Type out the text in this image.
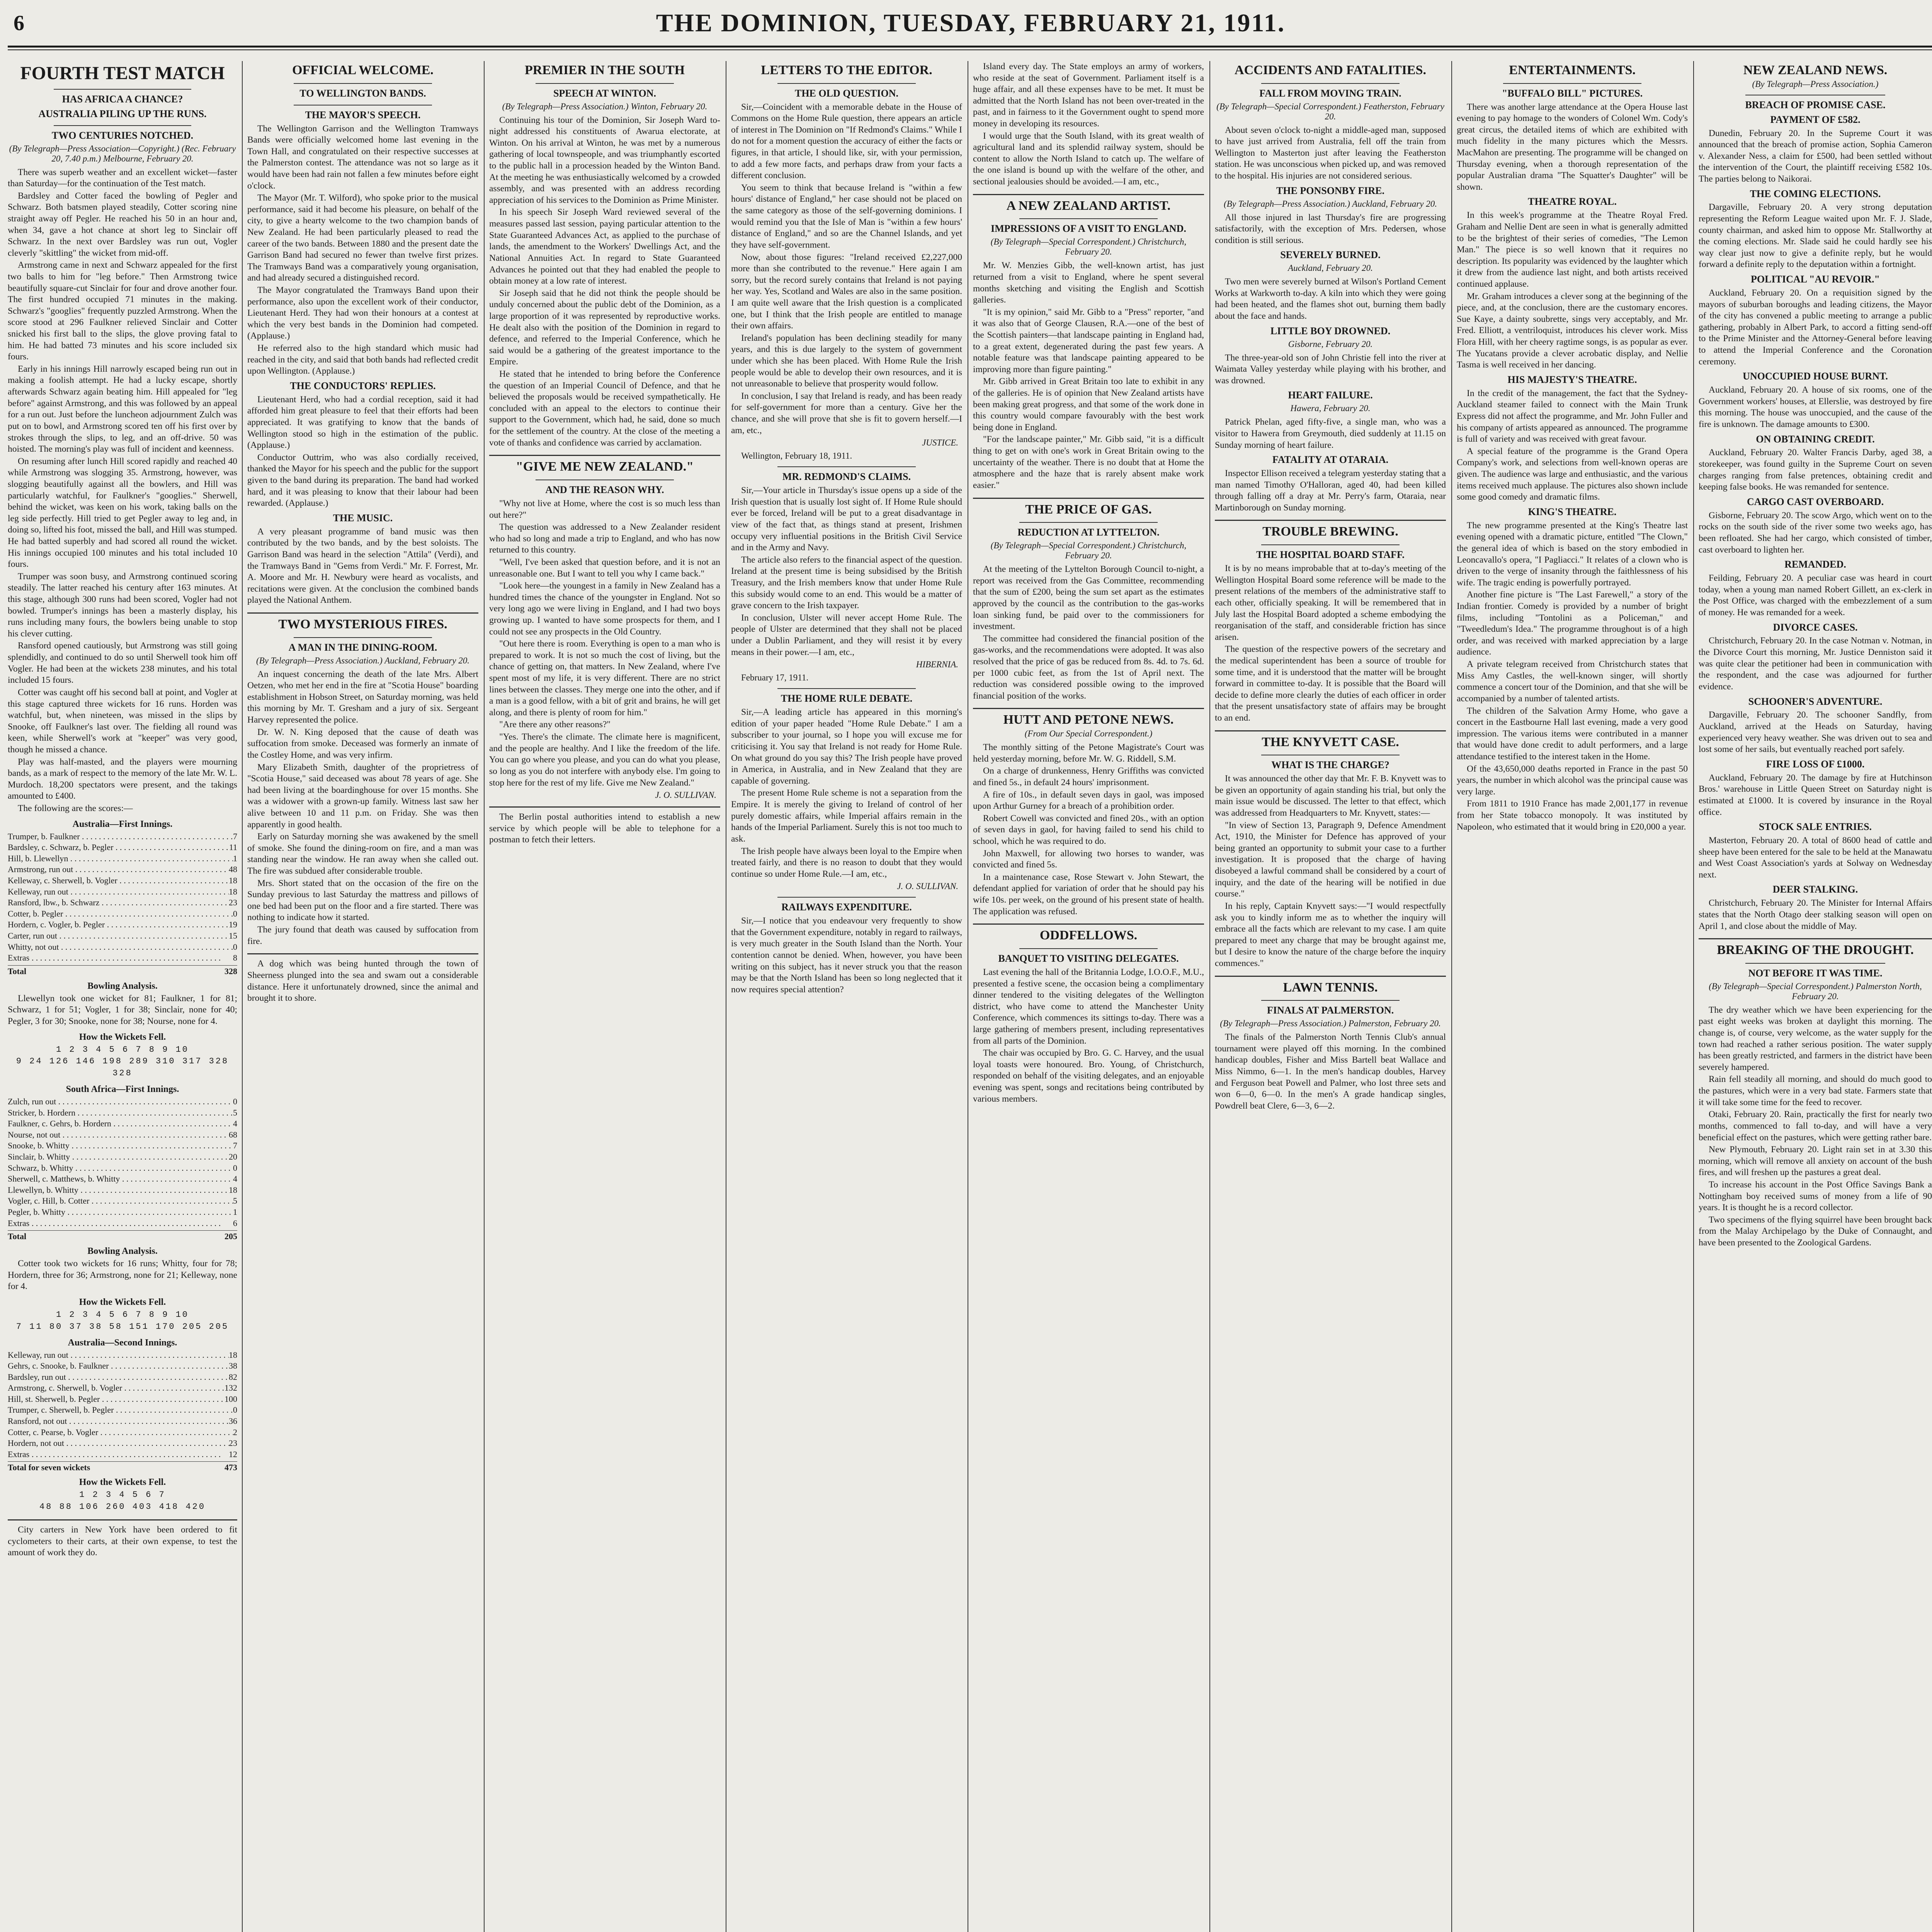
6	THE DOMINION, TUESDAY, FEBRUARY 21, 1911.
FOURTH TEST MATCH
HAS AFRICA A CHANCE?
AUSTRALIA PILING UP THE RUNS.
TWO CENTURIES NOTCHED.
(By Telegraph—Press Association—Copyright.) (Rec. February 20, 7.40 p.m.) Melbourne, February 20.

There was superb weather and an excellent wicket—faster than Saturday—for the continuation of the Test match.

Bardsley and Cotter faced the bowling of Pegler and Schwarz. Both batsmen played steadily, Cotter scoring nine straight away off Pegler. He reached his 50 in an hour and, when 34, gave a hot chance at short leg to Sinclair off Schwarz. In the next over Bardsley was run out, Vogler cleverly "skittling" the wicket from mid-off.

Armstrong came in next and Schwarz appealed for the first two balls to him for "leg before." Then Armstrong twice beautifully square-cut Sinclair for four and drove another four. The first hundred occupied 71 minutes in the making. Schwarz's "googlies" frequently puzzled Armstrong. When the score stood at 296 Faulkner relieved Sinclair and Cotter snicked his first ball to the slips, the glove proving fatal to him. He had batted 73 minutes and his score included six fours.

Early in his innings Hill narrowly escaped being run out in making a foolish attempt. He had a lucky escape, shortly afterwards Schwarz again beating him. Hill appealed for "leg before" against Armstrong, and this was followed by an appeal for a run out. Just before the luncheon adjournment Zulch was put on to bowl, and Armstrong scored ten off his first over by strokes through the slips, to leg, and an off-drive. 50 was hoisted. The morning's play was full of incident and keenness.

On resuming after lunch Hill scored rapidly and reached 40 while Armstrong was slogging 35. Armstrong, however, was slogging beautifully against all the bowlers, and Hill was particularly watchful, for Faulkner's "googlies." Sherwell, behind the wicket, was keen on his work, taking balls on the leg side perfectly. Hill tried to get Pegler away to leg and, in doing so, lifted his foot, missed the ball, and Hill was stumped. He had batted superbly and had scored all round the wicket. His innings occupied 100 minutes and his total included 10 fours.

Trumper was soon busy, and Armstrong continued scoring steadily. The latter reached his century after 163 minutes. At this stage, although 300 runs had been scored, Vogler had not bowled. Trumper's innings has been a masterly display, his runs including many fours, the bowlers being unable to stop his clever cutting.

Ransford opened cautiously, but Armstrong was still going splendidly, and continued to do so until Sherwell took him off Vogler. He had been at the wickets 238 minutes, and his total included 15 fours.

Cotter was caught off his second ball at point, and Vogler at this stage captured three wickets for 16 runs. Horden was watchful, but, when nineteen, was missed in the slips by Snooke, off Faulkner's last over. The fielding all round was keen, while Sherwell's work at "keeper" was very good, though he missed a chance.

Play was half-masted, and the players were mourning bands, as a mark of respect to the memory of the late Mr. W. L. Murdoch. 18,200 spectators were present, and the takings amounted to £400.

The following are the scores:—

Australia—First Innings.
Trumper, b. Faulkner . . .	7
Bardsley, c. Schwarz, b. Pegler . . .	11
Hill, b. Llewellyn . . .	1
Armstrong, run out . . .	48
Kelleway, c. Sherwell, b. Vogler . . .	18
Kelleway, run out . . .	18
Ransford, lbw., b. Schwarz . . .	23
Cotter, b. Pegler . . .	0
Hordern, c. Vogler, b. Pegler . . .	19
Carter, run out . . .	15
Whitty, not out . . .	0
Extras . . .	8
Total	328
Bowling Analysis.

Llewellyn took one wicket for 81; Faulkner, 1 for 81; Schwarz, 1 for 51; Vogler, 1 for 38; Sinclair, none for 40; Pegler, 3 for 30; Snooke, none for 38; Nourse, none for 4.

How the Wickets Fell.
1 2 3 4 5 6 7 8 9 10
9 24 126 146 198 289 310 317 328 328
South Africa—First Innings.
Zulch, run out . . .	0
Stricker, b. Hordern . . .	5
Faulkner, c. Gehrs, b. Hordern . . .	4
Nourse, not out . . .	68
Snooke, b. Whitty . . .	7
Sinclair, b. Whitty . . .	20
Schwarz, b. Whitty . . .	0
Sherwell, c. Matthews, b. Whitty . . .	4
Llewellyn, b. Whitty . . .	18
Vogler, c. Hill, b. Cotter . . .	5
Pegler, b. Whitty . . .	1
Extras . . .	6
Total	205
Bowling Analysis.

Cotter took two wickets for 16 runs; Whitty, four for 78; Hordern, three for 36; Armstrong, none for 21; Kelleway, none for 4.

How the Wickets Fell.
1 2 3 4 5 6 7 8 9 10
7 11 80 37 38 58 151 170 205 205
Australia—Second Innings.
Kelleway, run out . . .	18
Gehrs, c. Snooke, b. Faulkner . . .	38
Bardsley, run out . . .	82
Armstrong, c. Sherwell, b. Vogler . . .	132
Hill, st. Sherwell, b. Pegler . . .	100
Trumper, c. Sherwell, b. Pegler . . .	0
Ransford, not out . . .	36
Cotter, c. Pearse, b. Vogler . . .	2
Hordern, not out . . .	23
Extras . . .	12
Total for seven wickets	473
How the Wickets Fell.
1 2 3 4 5 6 7
48 88 106 260 403 418 420

City carters in New York have been ordered to fit cyclometers to their carts, at their own expense, to test the amount of work they do.

OFFICIAL WELCOME.
TO WELLINGTON BANDS.
THE MAYOR'S SPEECH.

The Wellington Garrison and the Wellington Tramways Bands were officially welcomed home last evening in the Town Hall, and congratulated on their respective successes at the Palmerston contest. The attendance was not so large as it would have been had rain not fallen a few minutes before eight o'clock.

The Mayor (Mr. T. Wilford), who spoke prior to the musical performance, said it had become his pleasure, on behalf of the city, to give a hearty welcome to the two champion bands of New Zealand. He had been particularly pleased to read the career of the two bands. Between 1880 and the present date the Garrison Band had secured no fewer than twelve first prizes. The Tramways Band was a comparatively young organisation, and had already secured a distinguished record.

The Mayor congratulated the Tramways Band upon their performance, also upon the excellent work of their conductor, Lieutenant Herd. They had won their honours at a contest at which the very best bands in the Dominion had competed. (Applause.)

He referred also to the high standard which music had reached in the city, and said that both bands had reflected credit upon Wellington. (Applause.)

THE CONDUCTORS' REPLIES.

Lieutenant Herd, who had a cordial reception, said it had afforded him great pleasure to feel that their efforts had been appreciated. It was gratifying to know that the bands of Wellington stood so high in the estimation of the public. (Applause.)

Conductor Outtrim, who was also cordially received, thanked the Mayor for his speech and the public for the support given to the band during its preparation. The band had worked hard, and it was pleasing to know that their labour had been rewarded. (Applause.)

THE MUSIC.

A very pleasant programme of band music was then contributed by the two bands, and by the best soloists. The Garrison Band was heard in the selection "Attila" (Verdi), and the Tramways Band in "Gems from Verdi." Mr. F. Forrest, Mr. A. Moore and Mr. H. Newbury were heard as vocalists, and recitations were given. At the conclusion the combined bands played the National Anthem.

TWO MYSTERIOUS FIRES.
A MAN IN THE DINING-ROOM.
(By Telegraph—Press Association.) Auckland, February 20.

An inquest concerning the death of the late Mrs. Albert Oetzen, who met her end in the fire at "Scotia House" boarding establishment in Hobson Street, on Saturday morning, was held this morning by Mr. T. Gresham and a jury of six. Sergeant Harvey represented the police.

Dr. W. N. King deposed that the cause of death was suffocation from smoke. Deceased was formerly an inmate of the Costley Home, and was very infirm.

Mary Elizabeth Smith, daughter of the proprietress of "Scotia House," said deceased was about 78 years of age. She had been living at the boardinghouse for over 15 months. She was a widower with a grown-up family. Witness last saw her alive between 10 and 11 p.m. on Friday. She was then apparently in good health.

Early on Saturday morning she was awakened by the smell of smoke. She found the dining-room on fire, and a man was standing near the window. He ran away when she called out. The fire was subdued after considerable trouble.

Mrs. Short stated that on the occasion of the fire on the Sunday previous to last Saturday the mattress and pillows of one bed had been put on the floor and a fire started. There was nothing to indicate how it started.

The jury found that death was caused by suffocation from fire.

A dog which was being hunted through the town of Sheerness plunged into the sea and swam out a considerable distance. Here it unfortunately drowned, since the animal and brought it to shore.

PREMIER IN THE SOUTH
SPEECH AT WINTON.
(By Telegraph—Press Association.) Winton, February 20.

Continuing his tour of the Dominion, Sir Joseph Ward to-night addressed his constituents of Awarua electorate, at Winton. On his arrival at Winton, he was met by a numerous gathering of local townspeople, and was triumphantly escorted to the public hall in a procession headed by the Winton Band. At the meeting he was enthusiastically welcomed by a crowded assembly, and was presented with an address recording appreciation of his services to the Dominion as Prime Minister.

In his speech Sir Joseph Ward reviewed several of the measures passed last session, paying particular attention to the State Guaranteed Advances Act, as applied to the purchase of lands, the amendment to the Workers' Dwellings Act, and the National Annuities Act. In regard to State Guaranteed Advances he pointed out that they had enabled the people to obtain money at a low rate of interest.

Sir Joseph said that he did not think the people should be unduly concerned about the public debt of the Dominion, as a large proportion of it was represented by reproductive works. He dealt also with the position of the Dominion in regard to defence, and referred to the Imperial Conference, which he said would be a gathering of the greatest importance to the Empire.

He stated that he intended to bring before the Conference the question of an Imperial Council of Defence, and that he believed the proposals would be received sympathetically. He concluded with an appeal to the electors to continue their support to the Government, which had, he said, done so much for the settlement of the country. At the close of the meeting a vote of thanks and confidence was carried by acclamation.

"GIVE ME NEW ZEALAND."
AND THE REASON WHY.

"Why not live at Home, where the cost is so much less than out here?"

The question was addressed to a New Zealander resident who had so long and made a trip to England, and who has now returned to this country.

"Well, I've been asked that question before, and it is not an unreasonable one. But I want to tell you why I came back."

"Look here—the youngest in a family in New Zealand has a hundred times the chance of the youngster in England. Not so very long ago we were living in England, and I had two boys growing up. I wanted to have some prospects for them, and I could not see any prospects in the Old Country.

"Out here there is room. Everything is open to a man who is prepared to work. It is not so much the cost of living, but the chance of getting on, that matters. In New Zealand, where I've spent most of my life, it is very different. There are no strict lines between the classes. They merge one into the other, and if a man is a good fellow, with a bit of grit and brains, he will get along, and there is plenty of room for him."

"Are there any other reasons?"

"Yes. There's the climate. The climate here is magnificent, and the people are healthy. And I like the freedom of the life. You can go where you please, and you can do what you please, so long as you do not interfere with anybody else. I'm going to stop here for the rest of my life. Give me New Zealand."

J. O. SULLIVAN.

The Berlin postal authorities intend to establish a new service by which people will be able to telephone for a postman to fetch their letters.

LETTERS TO THE EDITOR.
THE OLD QUESTION.

Sir,—Coincident with a memorable debate in the House of Commons on the Home Rule question, there appears an article of interest in The Dominion on "If Redmond's Claims." While I do not for a moment question the accuracy of either the facts or figures, in that article, I should like, sir, with your permission, to add a few more facts, and perhaps draw from your facts a different conclusion.

You seem to think that because Ireland is "within a few hours' distance of England," her case should not be placed on the same category as those of the self-governing dominions. I would remind you that the Isle of Man is "within a few hours' distance of England," and so are the Channel Islands, and yet they have self-government.

Now, about those figures: "Ireland received £2,227,000 more than she contributed to the revenue." Here again I am sorry, but the record surely contains that Ireland is not paying her way. Yes, Scotland and Wales are also in the same position. I am quite well aware that the Irish question is a complicated one, but I think that the Irish people are entitled to manage their own affairs.

Ireland's population has been declining steadily for many years, and this is due largely to the system of government under which she has been placed. With Home Rule the Irish people would be able to develop their own resources, and it is not unreasonable to believe that prosperity would follow.

In conclusion, I say that Ireland is ready, and has been ready for self-government for more than a century. Give her the chance, and she will prove that she is fit to govern herself.—I am, etc.,

JUSTICE.
Wellington, February 18, 1911.
MR. REDMOND'S CLAIMS.

Sir,—Your article in Thursday's issue opens up a side of the Irish question that is usually lost sight of. If Home Rule should ever be forced, Ireland will be put to a great disadvantage in view of the fact that, as things stand at present, Irishmen occupy very influential positions in the British Civil Service and in the Army and Navy.

The article also refers to the financial aspect of the question. Ireland at the present time is being subsidised by the British Treasury, and the Irish members know that under Home Rule this subsidy would come to an end. This would be a matter of grave concern to the Irish taxpayer.

In conclusion, Ulster will never accept Home Rule. The people of Ulster are determined that they shall not be placed under a Dublin Parliament, and they will resist it by every means in their power.—I am, etc.,

HIBERNIA.
February 17, 1911.
THE HOME RULE DEBATE.

Sir,—A leading article has appeared in this morning's edition of your paper headed "Home Rule Debate." I am a subscriber to your journal, so I hope you will excuse me for criticising it. You say that Ireland is not ready for Home Rule. On what ground do you say this? The Irish people have proved in America, in Australia, and in New Zealand that they are capable of governing.

The present Home Rule scheme is not a separation from the Empire. It is merely the giving to Ireland of control of her purely domestic affairs, while Imperial affairs remain in the hands of the Imperial Parliament. Surely this is not too much to ask.

The Irish people have always been loyal to the Empire when treated fairly, and there is no reason to doubt that they would continue so under Home Rule.—I am, etc.,

J. O. SULLIVAN.
RAILWAYS EXPENDITURE.

Sir,—I notice that you endeavour very frequently to show that the Government expenditure, notably in regard to railways, is very much greater in the South Island than the North. Your contention cannot be denied. When, however, you have been writing on this subject, has it never struck you that the reason may be that the North Island has been so long neglected that it now requires special attention?

Island every day. The State employs an army of workers, who reside at the seat of Government. Parliament itself is a huge affair, and all these expenses have to be met. It must be admitted that the North Island has not been over-treated in the past, and in fairness to it the Government ought to spend more money in developing its resources.

I would urge that the South Island, with its great wealth of agricultural land and its splendid railway system, should be content to allow the North Island to catch up. The welfare of the one island is bound up with the welfare of the other, and sectional jealousies should be avoided.—I am, etc.,

A NEW ZEALAND ARTIST.
IMPRESSIONS OF A VISIT TO ENGLAND.
(By Telegraph—Special Correspondent.) Christchurch, February 20.

Mr. W. Menzies Gibb, the well-known artist, has just returned from a visit to England, where he spent several months sketching and visiting the English and Scottish galleries.

"It is my opinion," said Mr. Gibb to a "Press" reporter, "and it was also that of George Clausen, R.A.—one of the best of the Scottish painters—that landscape painting in England had, to a great extent, degenerated during the past few years. A notable feature was that landscape painting appeared to be improving more than figure painting."

Mr. Gibb arrived in Great Britain too late to exhibit in any of the galleries. He is of opinion that New Zealand artists have been making great progress, and that some of the work done in this country would compare favourably with the best work being done in England.

"For the landscape painter," Mr. Gibb said, "it is a difficult thing to get on with one's work in Great Britain owing to the uncertainty of the weather. There is no doubt that at Home the atmosphere and the haze that is rarely absent make work easier."

THE PRICE OF GAS.
REDUCTION AT LYTTELTON.
(By Telegraph—Special Correspondent.) Christchurch, February 20.

At the meeting of the Lyttelton Borough Council to-night, a report was received from the Gas Committee, recommending that the sum of £200, being the sum set apart as the estimates approved by the council as the contribution to the gas-works loan sinking fund, be paid over to the commissioners for investment.

The committee had considered the financial position of the gas-works, and the recommendations were adopted. It was also resolved that the price of gas be reduced from 8s. 4d. to 7s. 6d. per 1000 cubic feet, as from the 1st of April next. The reduction was considered possible owing to the improved financial position of the works.

HUTT AND PETONE NEWS.
(From Our Special Correspondent.)

The monthly sitting of the Petone Magistrate's Court was held yesterday morning, before Mr. W. G. Riddell, S.M.

On a charge of drunkenness, Henry Griffiths was convicted and fined 5s., in default 24 hours' imprisonment.

A fire of 10s., in default seven days in gaol, was imposed upon Arthur Gurney for a breach of a prohibition order.

Robert Cowell was convicted and fined 20s., with an option of seven days in gaol, for having failed to send his child to school, which he was required to do.

John Maxwell, for allowing two horses to wander, was convicted and fined 5s.

In a maintenance case, Rose Stewart v. John Stewart, the defendant applied for variation of order that he should pay his wife 10s. per week, on the ground of his present state of health. The application was refused.

ODDFELLOWS.
BANQUET TO VISITING DELEGATES.

Last evening the hall of the Britannia Lodge, I.O.O.F., M.U., presented a festive scene, the occasion being a complimentary dinner tendered to the visiting delegates of the Wellington district, who have come to attend the Manchester Unity Conference, which commences its sittings to-day. There was a large gathering of members present, including representatives from all parts of the Dominion.

The chair was occupied by Bro. G. C. Harvey, and the usual loyal toasts were honoured. Bro. Young, of Christchurch, responded on behalf of the visiting delegates, and an enjoyable evening was spent, songs and recitations being contributed by various members.

ACCIDENTS AND FATALITIES.
FALL FROM MOVING TRAIN.
(By Telegraph—Special Correspondent.) Featherston, February 20.

About seven o'clock to-night a middle-aged man, supposed to have just arrived from Australia, fell off the train from Wellington to Masterton just after leaving the Featherston station. He was unconscious when picked up, and was removed to the hospital. His injuries are not considered serious.

THE PONSONBY FIRE.
(By Telegraph—Press Association.) Auckland, February 20.

All those injured in last Thursday's fire are progressing satisfactorily, with the exception of Mrs. Pedersen, whose condition is still serious.

SEVERELY BURNED.
Auckland, February 20.

Two men were severely burned at Wilson's Portland Cement Works at Warkworth to-day. A kiln into which they were going had been heated, and the flames shot out, burning them badly about the face and hands.

LITTLE BOY DROWNED.
Gisborne, February 20.

The three-year-old son of John Christie fell into the river at Waimata Valley yesterday while playing with his brother, and was drowned.

HEART FAILURE.
Hawera, February 20.

Patrick Phelan, aged fifty-five, a single man, who was a visitor to Hawera from Greymouth, died suddenly at 11.15 on Sunday morning of heart failure.

FATALITY AT OTARAIA.

Inspector Ellison received a telegram yesterday stating that a man named Timothy O'Halloran, aged 40, had been killed through falling off a dray at Mr. Perry's farm, Otaraia, near Martinborough on Sunday morning.

TROUBLE BREWING.
THE HOSPITAL BOARD STAFF.

It is by no means improbable that at to-day's meeting of the Wellington Hospital Board some reference will be made to the present relations of the members of the administrative staff to each other, officially speaking. It will be remembered that in July last the Hospital Board adopted a scheme embodying the reorganisation of the staff, and considerable friction has since arisen.

The question of the respective powers of the secretary and the medical superintendent has been a source of trouble for some time, and it is understood that the matter will be brought forward in committee to-day. It is possible that the Board will decide to define more clearly the duties of each officer in order that the present unsatisfactory state of affairs may be brought to an end.

THE KNYVETT CASE.
WHAT IS THE CHARGE?

It was announced the other day that Mr. F. B. Knyvett was to be given an opportunity of again standing his trial, but only the main issue would be discussed. The letter to that effect, which was addressed from Headquarters to Mr. Knyvett, states:—

"In view of Section 13, Paragraph 9, Defence Amendment Act, 1910, the Minister for Defence has approved of your being granted an opportunity to submit your case to a further investigation. It is proposed that the charge of having disobeyed a lawful command shall be considered by a court of inquiry, and the date of the hearing will be notified in due course."

In his reply, Captain Knyvett says:—"I would respectfully ask you to kindly inform me as to whether the inquiry will embrace all the facts which are relevant to my case. I am quite prepared to meet any charge that may be brought against me, but I desire to know the nature of the charge before the inquiry commences."

LAWN TENNIS.
FINALS AT PALMERSTON.
(By Telegraph—Press Association.) Palmerston, February 20.

The finals of the Palmerston North Tennis Club's annual tournament were played off this morning. In the combined handicap doubles, Fisher and Miss Bartell beat Wallace and Miss Nimmo, 6—1. In the men's handicap doubles, Harvey and Ferguson beat Powell and Palmer, who lost three sets and won 6—0, 6—0. In the men's A grade handicap singles, Powdrell beat Clere, 6—3, 6—2.

ENTERTAINMENTS.
"BUFFALO BILL" PICTURES.

There was another large attendance at the Opera House last evening to pay homage to the wonders of Colonel Wm. Cody's great circus, the detailed items of which are exhibited with much fidelity in the many pictures which the Messrs. MacMahon are presenting. The programme will be changed on Thursday evening, when a thorough representation of the popular Australian drama "The Squatter's Daughter" will be shown.

THEATRE ROYAL.

In this week's programme at the Theatre Royal Fred. Graham and Nellie Dent are seen in what is generally admitted to be the brightest of their series of comedies, "The Lemon Man." The piece is so well known that it requires no description. Its popularity was evidenced by the laughter which it drew from the audience last night, and both artists received continued applause.

Mr. Graham introduces a clever song at the beginning of the piece, and, at the conclusion, there are the customary encores. Sue Kaye, a dainty soubrette, sings very acceptably, and Mr. Fred. Elliott, a ventriloquist, introduces his clever work. Miss Flora Hill, with her cheery ragtime songs, is as popular as ever. The Yucatans provide a clever acrobatic display, and Nellie Tasma is well received in her dancing.

HIS MAJESTY'S THEATRE.

In the credit of the management, the fact that the Sydney-Auckland steamer failed to connect with the Main Trunk Express did not affect the programme, and Mr. John Fuller and his company of artists appeared as announced. The programme is full of variety and was received with great favour.

A special feature of the programme is the Grand Opera Company's work, and selections from well-known operas are given. The audience was large and enthusiastic, and the various items received much applause. The pictures also shown include some good comedy and dramatic films.

KING'S THEATRE.

The new programme presented at the King's Theatre last evening opened with a dramatic picture, entitled "The Clown," the general idea of which is based on the story embodied in Leoncavallo's opera, "I Pagliacci." It relates of a clown who is driven to the verge of insanity through the faithlessness of his wife. The tragic ending is powerfully portrayed.

Another fine picture is "The Last Farewell," a story of the Indian frontier. Comedy is provided by a number of bright films, including "Tontolini as a Policeman," and "Tweedledum's Idea." The programme throughout is of a high order, and was received with marked appreciation by a large audience.

A private telegram received from Christchurch states that Miss Amy Castles, the well-known singer, will shortly commence a concert tour of the Dominion, and that she will be accompanied by a number of talented artists.

The children of the Salvation Army Home, who gave a concert in the Eastbourne Hall last evening, made a very good impression. The various items were contributed in a manner that would have done credit to adult performers, and a large attendance testified to the interest taken in the Home.

Of the 43,650,000 deaths reported in France in the past 50 years, the number in which alcohol was the principal cause was very large.

From 1811 to 1910 France has made 2,001,177 in revenue from her State tobacco monopoly. It was instituted by Napoleon, who estimated that it would bring in £20,000 a year.

NEW ZEALAND NEWS.
(By Telegraph—Press Association.)
BREACH OF PROMISE CASE.
PAYMENT OF £582.

Dunedin, February 20. In the Supreme Court it was announced that the breach of promise action, Sophia Cameron v. Alexander Ness, a claim for £500, had been settled without the intervention of the Court, the plaintiff receiving £582 10s. The parties belong to Naikorai.

THE COMING ELECTIONS.

Dargaville, February 20. A very strong deputation representing the Reform League waited upon Mr. F. J. Slade, county chairman, and asked him to oppose Mr. Stallworthy at the coming elections. Mr. Slade said he could hardly see his way clear just now to give a definite reply, but he would forward a definite reply to the deputation within a fortnight.

POLITICAL "AU REVOIR."

Auckland, February 20. On a requisition signed by the mayors of suburban boroughs and leading citizens, the Mayor of the city has convened a public meeting to arrange a public gathering, probably in Albert Park, to accord a fitting send-off to the Prime Minister and the Attorney-General before leaving to attend the Imperial Conference and the Coronation ceremony.

UNOCCUPIED HOUSE BURNT.

Auckland, February 20. A house of six rooms, one of the Government workers' houses, at Ellerslie, was destroyed by fire this morning. The house was unoccupied, and the cause of the fire is unknown. The damage amounts to £300.

ON OBTAINING CREDIT.

Auckland, February 20. Walter Francis Darby, aged 38, a storekeeper, was found guilty in the Supreme Court on seven charges ranging from false pretences, obtaining credit and keeping false books. He was remanded for sentence.

CARGO CAST OVERBOARD.

Gisborne, February 20. The scow Argo, which went on to the rocks on the south side of the river some two weeks ago, has been refloated. She had her cargo, which consisted of timber, cast overboard to lighten her.

REMANDED.

Feilding, February 20. A peculiar case was heard in court today, when a young man named Robert Gillett, an ex-clerk in the Post Office, was charged with the embezzlement of a sum of money. He was remanded for a week.

DIVORCE CASES.

Christchurch, February 20. In the case Notman v. Notman, in the Divorce Court this morning, Mr. Justice Denniston said it was quite clear the petitioner had been in communication with the respondent, and the case was adjourned for further evidence.

SCHOONER'S ADVENTURE.

Dargaville, February 20. The schooner Sandfly, from Auckland, arrived at the Heads on Saturday, having experienced very heavy weather. She was driven out to sea and lost some of her sails, but eventually reached port safely.

FIRE LOSS OF £1000.

Auckland, February 20. The damage by fire at Hutchinson Bros.' warehouse in Little Queen Street on Saturday night is estimated at £1000. It is covered by insurance in the Royal office.

STOCK SALE ENTRIES.

Masterton, February 20. A total of 8600 head of cattle and sheep have been entered for the sale to be held at the Manawatu and West Coast Association's yards at Solway on Wednesday next.

DEER STALKING.

Christchurch, February 20. The Minister for Internal Affairs states that the North Otago deer stalking season will open on April 1, and close about the middle of May.

BREAKING OF THE DROUGHT.
NOT BEFORE IT WAS TIME.
(By Telegraph—Special Correspondent.) Palmerston North, February 20.

The dry weather which we have been experiencing for the past eight weeks was broken at daylight this morning. The change is, of course, very welcome, as the water supply for the town had reached a rather serious position. The water supply has been greatly restricted, and farmers in the district have been severely hampered.

Rain fell steadily all morning, and should do much good to the pastures, which were in a very bad state. Farmers state that it will take some time for the feed to recover.

Otaki, February 20. Rain, practically the first for nearly two months, commenced to fall to-day, and will have a very beneficial effect on the pastures, which were getting rather bare.

New Plymouth, February 20. Light rain set in at 3.30 this morning, which will remove all anxiety on account of the bush fires, and will freshen up the pastures a great deal.

To increase his account in the Post Office Savings Bank a Nottingham boy received sums of money from a life of 90 years. It is thought he is a record collector.

Two specimens of the flying squirrel have been brought back from the Malay Archipelago by the Duke of Connaught, and have been presented to the Zoological Gardens.
